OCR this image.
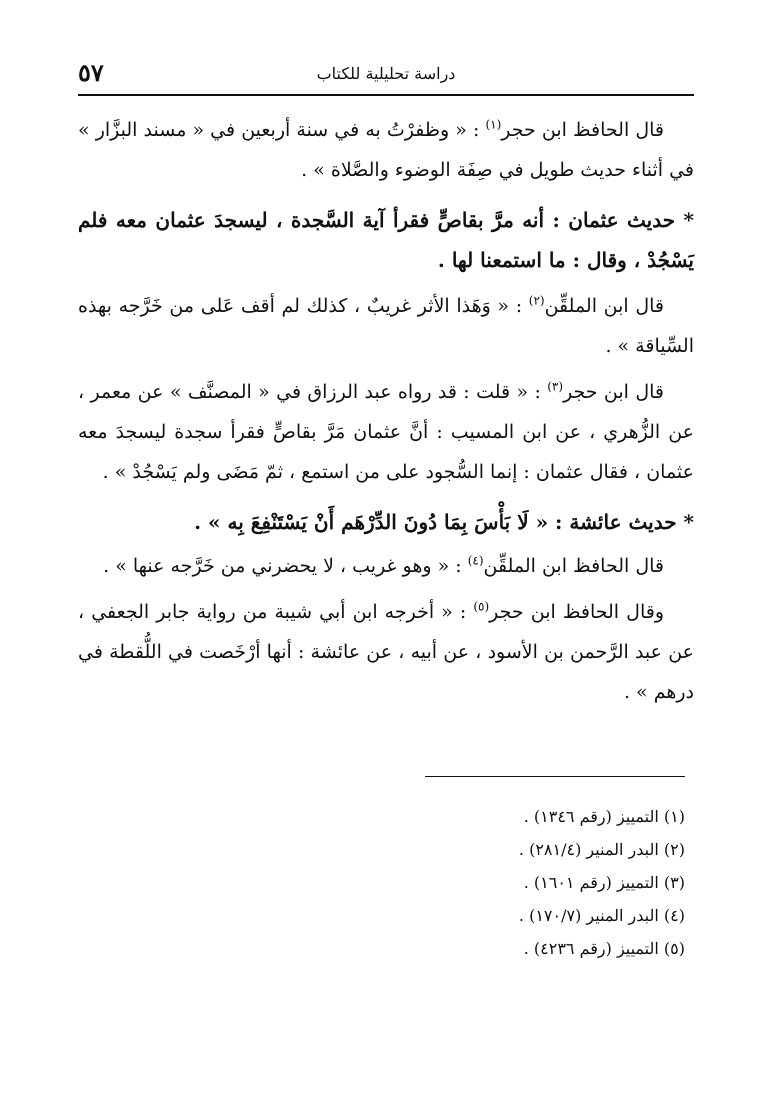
٥٧	دراسة تحليلية للكتاب

قال الحافظ ابن حجر$^{(١)}$ : « وظفرْتُ به في سنة أربعين في « مسند البزَّار » في أثناء حديث طويل في صِفَة الوضوء والصَّلاة » .

* حديث عثمان : أنه مرَّ بقاصٍّ فقرأ آية السَّجدة ، ليسجدَ عثمان معه فلم يَسْجُدْ ، وقال : ما استمعنا لها .

قال ابن الملقِّن$^{(٢)}$ : « وَهَذا الأثر غريبٌ ، كذلك لم أقف عَلى من خَرَّجه بهذه السِّياقة » .

قال ابن حجر$^{(٣)}$ : « قلت : قد رواه عبد الرزاق في « المصنَّف » عن معمر ، عن الزُّهري ، عن ابن المسيب : أنَّ عثمان مَرَّ بقاصٍّ فقرأ سجدة ليسجدَ معه عثمان ، فقال عثمان : إنما السُّجود على من استمع ، ثمّ مَضَى ولم يَسْجُدْ » .

* حديث عائشة : « لَا بَأْسَ بِمَا دُونَ الدِّرْهَم أَنْ يَسْتَنْفِعَ بِه » .

قال الحافظ ابن الملقِّن$^{(٤)}$ : « وهو غريب ، لا يحضرني من خَرَّجه عنها » .

وقال الحافظ ابن حجر$^{(٥)}$ : « أخرجه ابن أبي شيبة من رواية جابر الجعفي ، عن عبد الرَّحمن بن الأسود ، عن أبيه ، عن عائشة : أنها أرْخَصت في اللُّقطة في درهم » .

(١) التمييز (رقم ١٣٤٦) .
(٢) البدر المنير (٢٨١/٤) .
(٣) التمييز (رقم ١٦٠١) .
(٤) البدر المنير (١٧٠/٧) .
(٥) التمييز (رقم ٤٢٣٦) .
